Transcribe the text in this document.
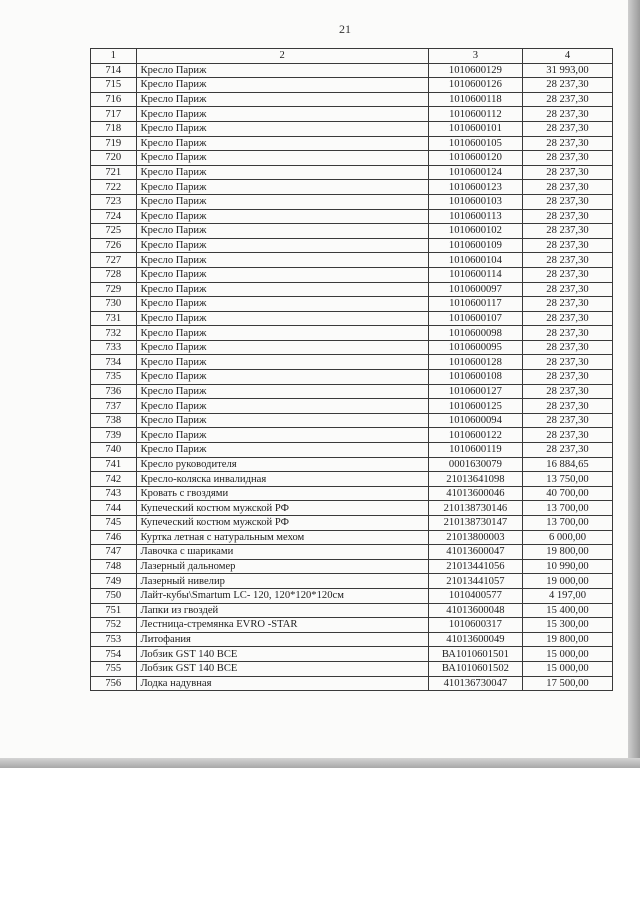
21
1	2	3	4
714	Кресло Париж	1010600129	31 993,00
715	Кресло Париж	1010600126	28 237,30
716	Кресло Париж	1010600118	28 237,30
717	Кресло Париж	1010600112	28 237,30
718	Кресло Париж	1010600101	28 237,30
719	Кресло Париж	1010600105	28 237,30
720	Кресло Париж	1010600120	28 237,30
721	Кресло Париж	1010600124	28 237,30
722	Кресло Париж	1010600123	28 237,30
723	Кресло Париж	1010600103	28 237,30
724	Кресло Париж	1010600113	28 237,30
725	Кресло Париж	1010600102	28 237,30
726	Кресло Париж	1010600109	28 237,30
727	Кресло Париж	1010600104	28 237,30
728	Кресло Париж	1010600114	28 237,30
729	Кресло Париж	1010600097	28 237,30
730	Кресло Париж	1010600117	28 237,30
731	Кресло Париж	1010600107	28 237,30
732	Кресло Париж	1010600098	28 237,30
733	Кресло Париж	1010600095	28 237,30
734	Кресло Париж	1010600128	28 237,30
735	Кресло Париж	1010600108	28 237,30
736	Кресло Париж	1010600127	28 237,30
737	Кресло Париж	1010600125	28 237,30
738	Кресло Париж	1010600094	28 237,30
739	Кресло Париж	1010600122	28 237,30
740	Кресло Париж	1010600119	28 237,30
741	Кресло руководителя	0001630079	16 884,65
742	Кресло-коляска инвалидная	21013641098	13 750,00
743	Кровать с гвоздями	41013600046	40 700,00
744	Купеческий костюм мужской РФ	210138730146	13 700,00
745	Купеческий костюм мужской РФ	210138730147	13 700,00
746	Куртка летная с натуральным мехом	21013800003	6 000,00
747	Лавочка с шариками	41013600047	19 800,00
748	Лазерный дальномер	21013441056	10 990,00
749	Лазерный нивелир	21013441057	19 000,00
750	Лайт-кубы\Smartum LC- 120, 120*120*120см	1010400577	4 197,00
751	Лапки из гвоздей	41013600048	15 400,00
752	Лестница-стремянка EVRO -STAR	1010600317	15 300,00
753	Литофания	41013600049	19 800,00
754	Лобзик GST 140 ВСЕ	ВА1010601501	15 000,00
755	Лобзик GST 140 ВСЕ	ВА1010601502	15 000,00
756	Лодка надувная	410136730047	17 500,00
